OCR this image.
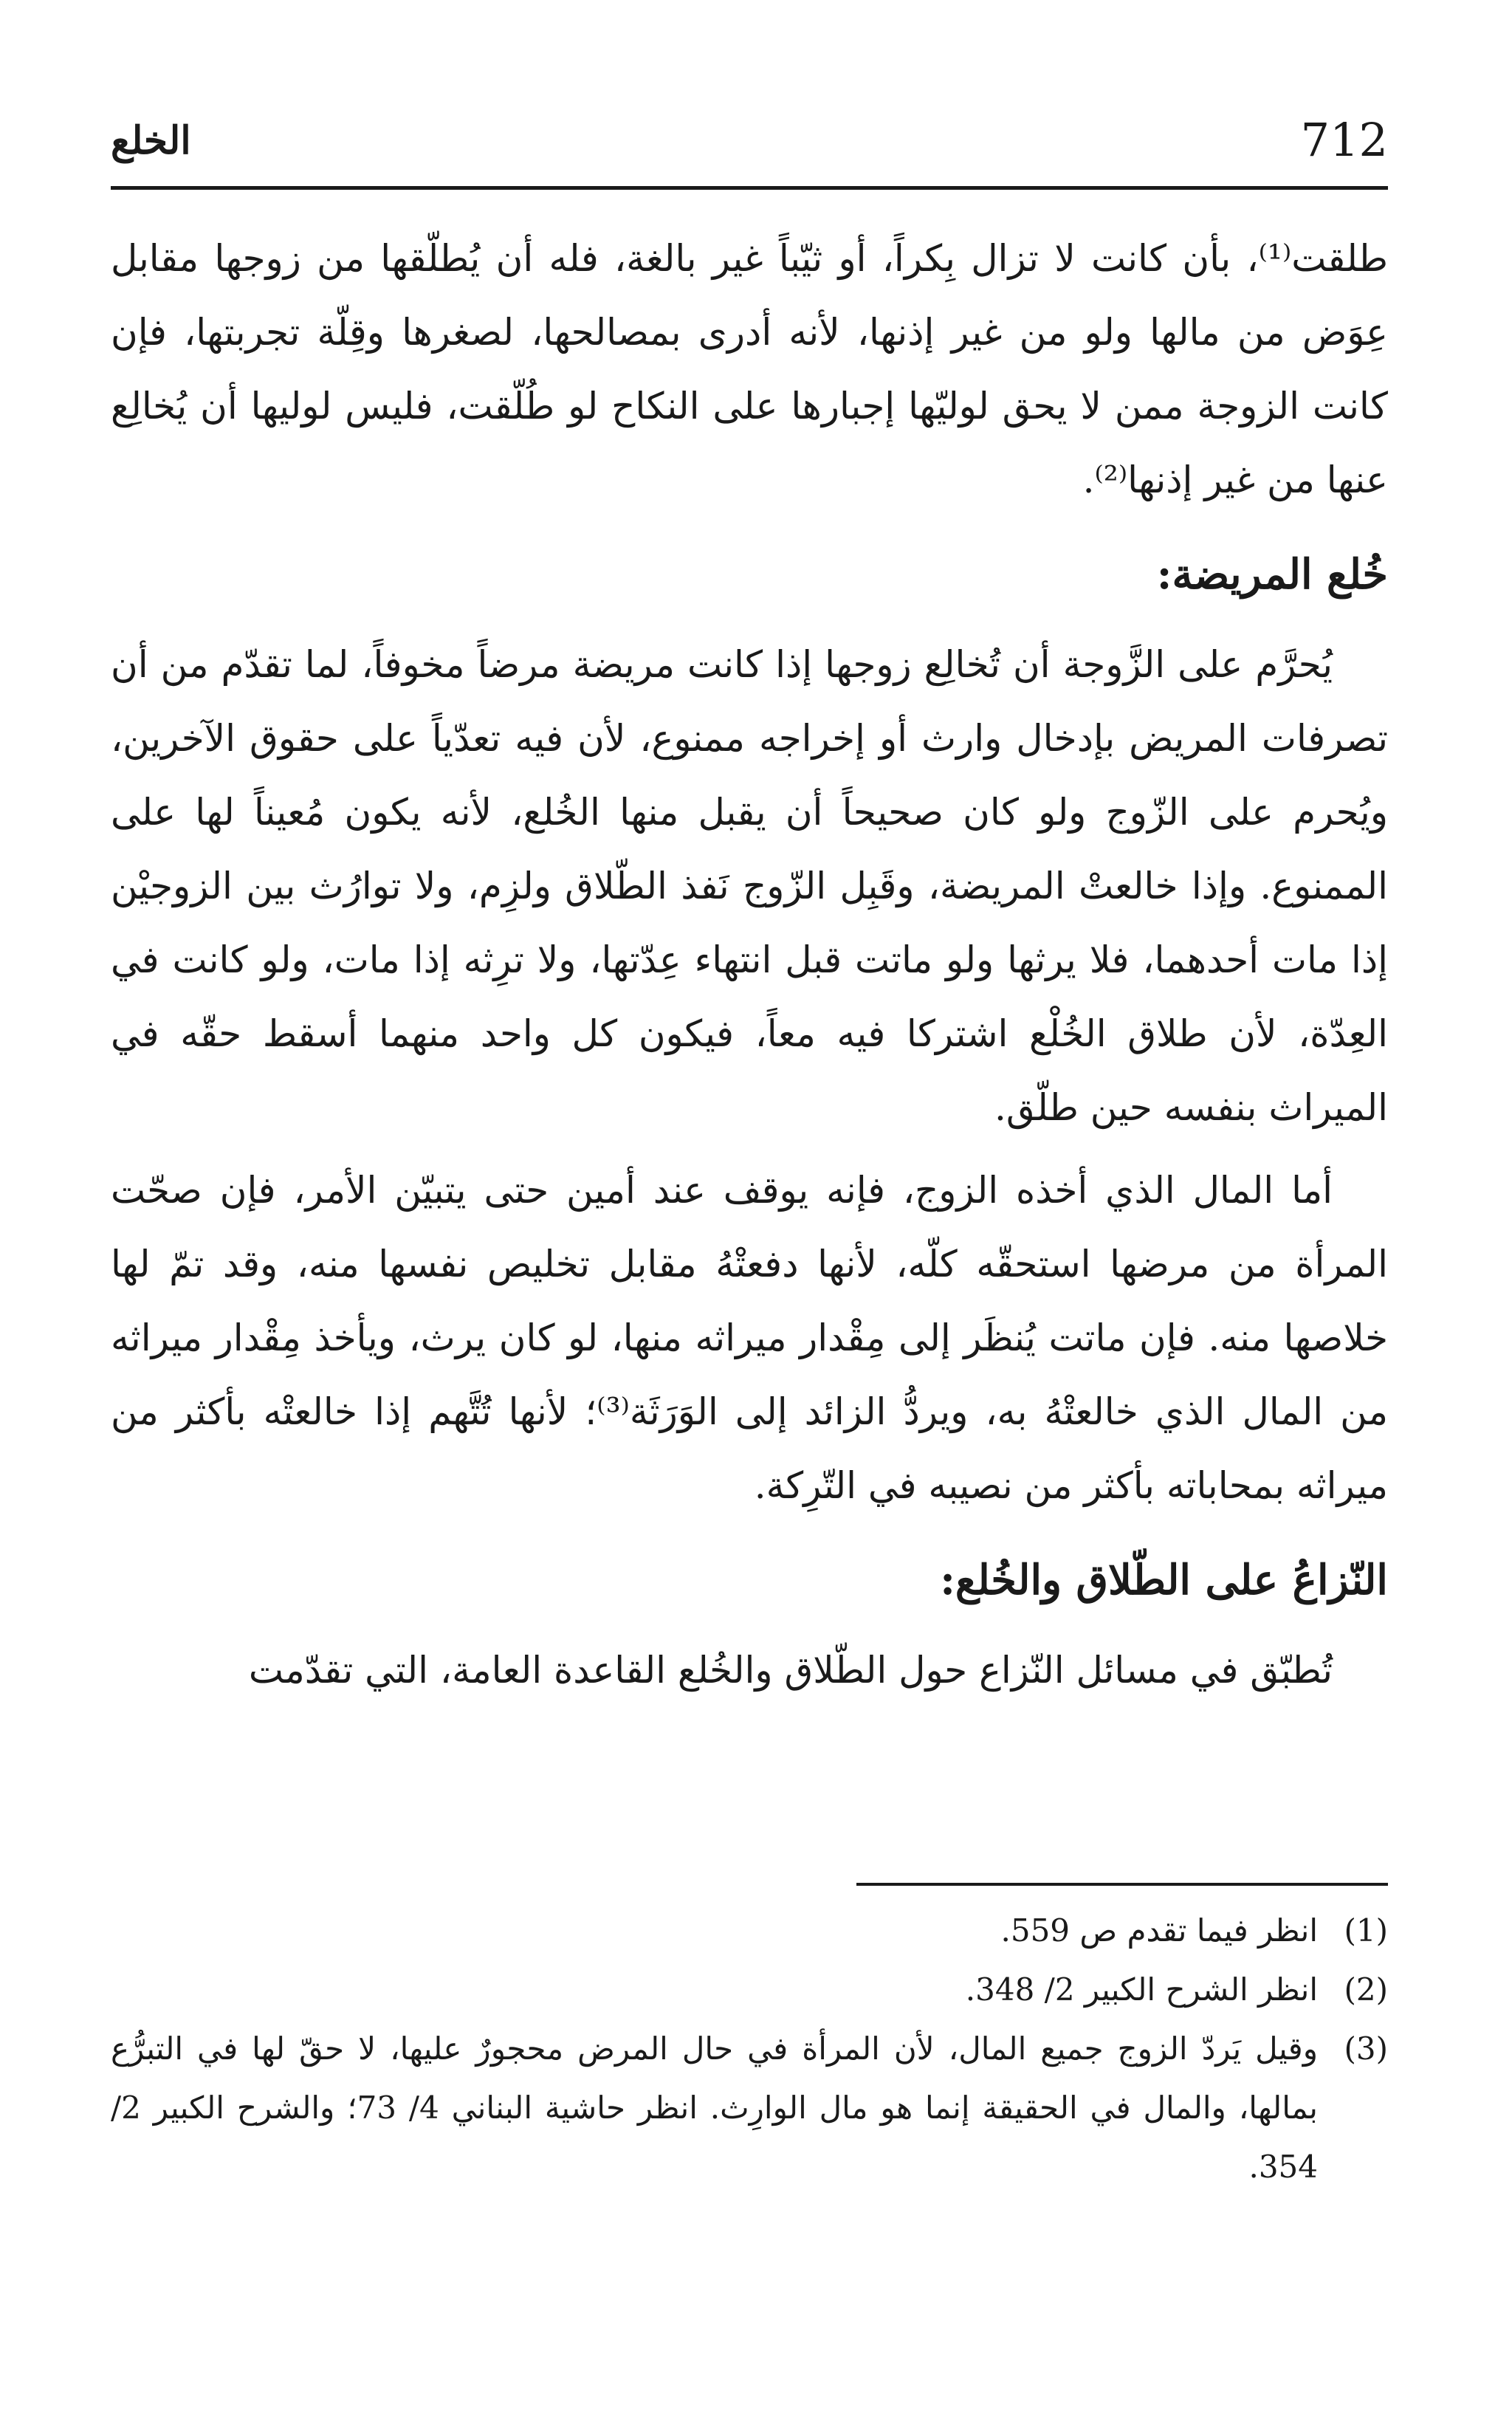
712
الخلع

طلقت⁽¹⁾، بأن كانت لا تزال بِكراً، أو ثيّباً غير بالغة، فله أن يُطلّقها من زوجها مقابل عِوَض من مالها ولو من غير إذنها، لأنه أدرى بمصالحها، لصغرها وقِلّة تجربتها، فإن كانت الزوجة ممن لا يحق لوليّها إجبارها على النكاح لو طُلّقت، فليس لوليها أن يُخالِع عنها من غير إذنها⁽²⁾.

خُلع المريضة:

يُحرَّم على الزَّوجة أن تُخالِع زوجها إذا كانت مريضة مرضاً مخوفاً، لما تقدّم من أن تصرفات المريض بإدخال وارث أو إخراجه ممنوع، لأن فيه تعدّياً على حقوق الآخرين، ويُحرم على الزّوج ولو كان صحيحاً أن يقبل منها الخُلع، لأنه يكون مُعيناً لها على الممنوع. وإذا خالعتْ المريضة، وقَبِل الزّوج نَفذ الطّلاق ولزِم، ولا توارُث بين الزوجيْن إذا مات أحدهما، فلا يرثها ولو ماتت قبل انتهاء عِدّتها، ولا ترِثه إذا مات، ولو كانت في العِدّة، لأن طلاق الخُلْع اشتركا فيه معاً، فيكون كل واحد منهما أسقط حقّه في الميراث بنفسه حين طلّق.

أما المال الذي أخذه الزوج، فإنه يوقف عند أمين حتى يتبيّن الأمر، فإن صحّت المرأة من مرضها استحقّه كلّه، لأنها دفعتْهُ مقابل تخليص نفسها منه، وقد تمّ لها خلاصها منه. فإن ماتت يُنظَر إلى مِقْدار ميراثه منها، لو كان يرث، ويأخذ مِقْدار ميراثه من المال الذي خالعتْهُ به، ويردُّ الزائد إلى الوَرَثَة⁽³⁾؛ لأنها تُتَّهم إذا خالعتْه بأكثر من ميراثه بمحاباته بأكثر من نصيبه في التّرِكة.

النّزاعُ على الطّلاق والخُلع:

تُطبّق في مسائل النّزاع حول الطّلاق والخُلع القاعدة العامة، التي تقدّمت

(1)
انظر فيما تقدم ص 559.
(2)
انظر الشرح الكبير 2/ 348.
(3)
وقيل يَردّ الزوج جميع المال، لأن المرأة في حال المرض محجورٌ عليها، لا حقّ لها في التبرُّع بمالها، والمال في الحقيقة إنما هو مال الوارِث. انظر حاشية البناني 4/ 73؛ والشرح الكبير 2/ 354.
